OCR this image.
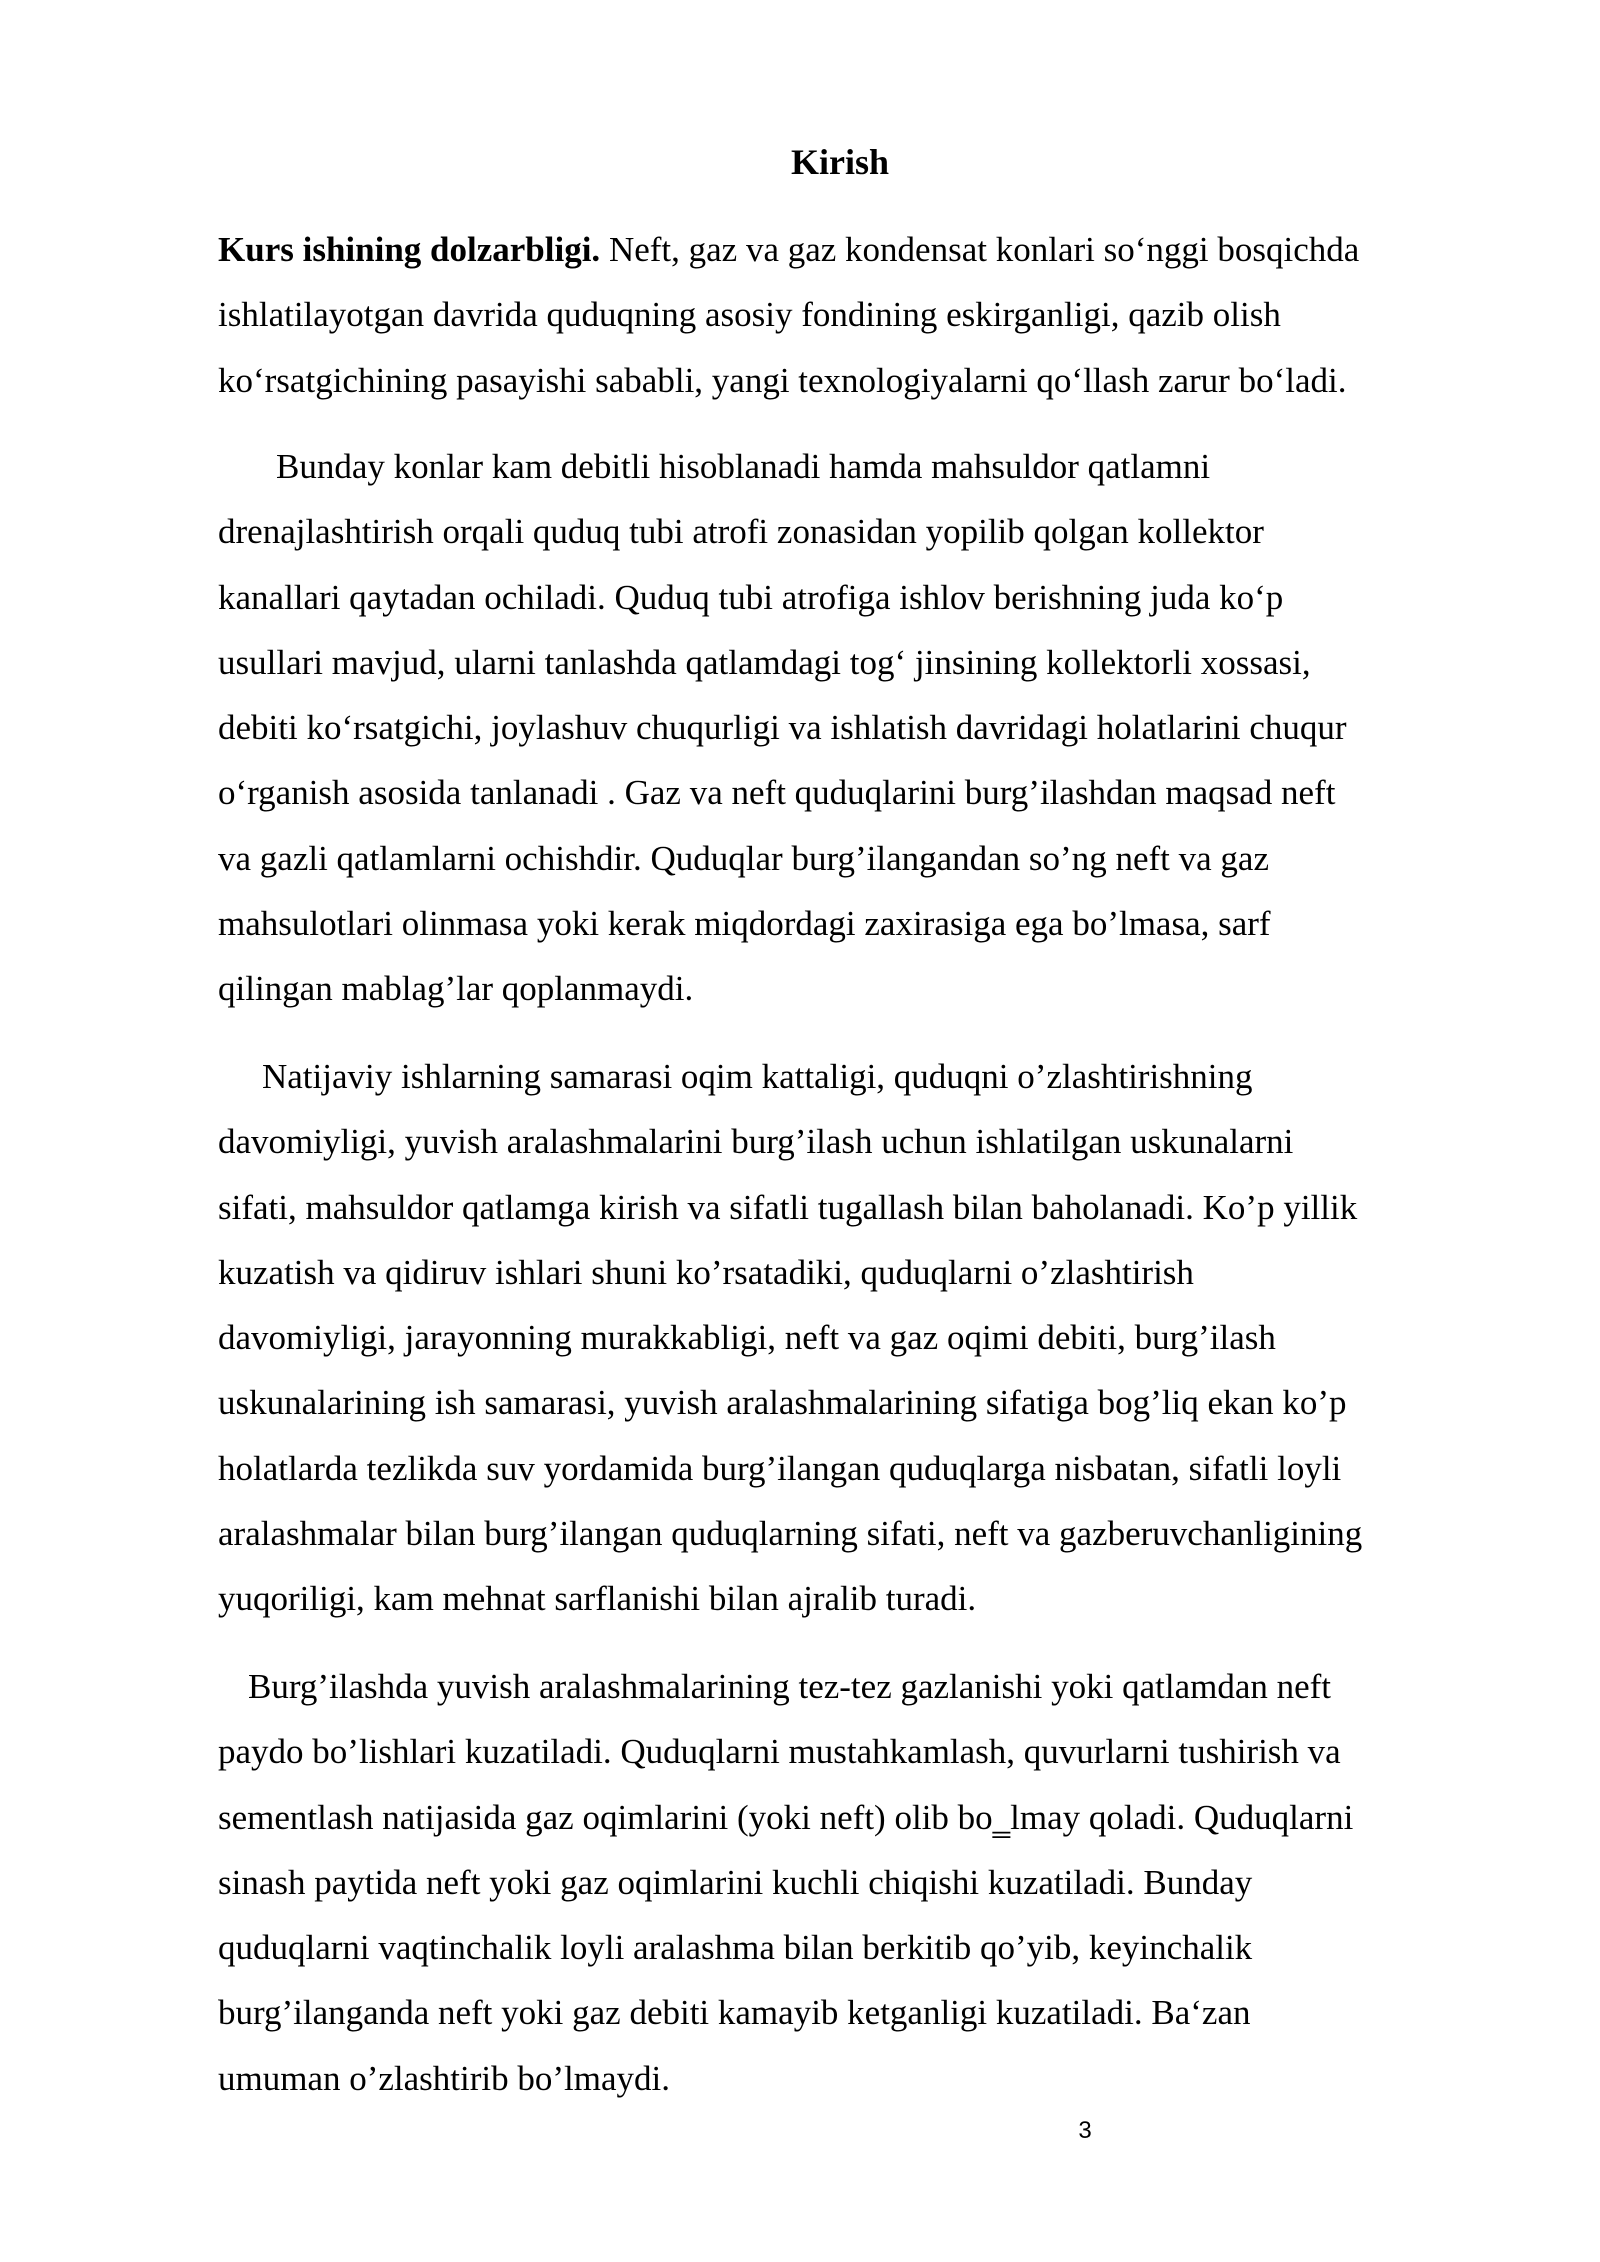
Kirish

Kurs ishining dolzarbligi. Neft, gaz va gaz kondensat konlari so‘nggi bosqichda
ishlatilayotgan davrida quduqning asosiy fondining eskirganligi, qazib olish
ko‘rsatgichining pasayishi sababli, yangi texnologiyalarni qo‘llash zarur bo‘ladi.

Bunday konlar kam debitli hisoblanadi hamda mahsuldor qatlamni
drenajlashtirish orqali quduq tubi atrofi zonasidan yopilib qolgan kollektor
kanallari qaytadan ochiladi. Quduq tubi atrofiga ishlov berishning juda ko‘p
usullari mavjud, ularni tanlashda qatlamdagi tog‘ jinsining kollektorli xossasi,
debiti ko‘rsatgichi, joylashuv chuqurligi va ishlatish davridagi holatlarini chuqur
o‘rganish asosida tanlanadi . Gaz va neft quduqlarini burg’ilashdan maqsad neft
va gazli qatlamlarni ochishdir. Quduqlar burg’ilangandan so’ng neft va gaz
mahsulotlari olinmasa yoki kerak miqdordagi zaxirasiga ega bo’lmasa, sarf
qilingan mablag’lar qoplanmaydi.

Natijaviy ishlarning samarasi oqim kattaligi, quduqni o’zlashtirishning
davomiyligi, yuvish aralashmalarini burg’ilash uchun ishlatilgan uskunalarni
sifati, mahsuldor qatlamga kirish va sifatli tugallash bilan baholanadi. Ko’p yillik
kuzatish va qidiruv ishlari shuni ko’rsatadiki, quduqlarni o’zlashtirish
davomiyligi, jarayonning murakkabligi, neft va gaz oqimi debiti, burg’ilash
uskunalarining ish samarasi, yuvish aralashmalarining sifatiga bog’liq ekan ko’p
holatlarda tezlikda suv yordamida burg’ilangan quduqlarga nisbatan, sifatli loyli
aralashmalar bilan burg’ilangan quduqlarning sifati, neft va gazberuvchanligining
yuqoriligi, kam mehnat sarflanishi bilan ajralib turadi.

Burg’ilashda yuvish aralashmalarining tez-tez gazlanishi yoki qatlamdan neft
paydo bo’lishlari kuzatiladi. Quduqlarni mustahkamlash, quvurlarni tushirish va
sementlash natijasida gaz oqimlarini (yoki neft) olib bo‗lmay qoladi. Quduqlarni
sinash paytida neft yoki gaz oqimlarini kuchli chiqishi kuzatiladi. Bunday
quduqlarni vaqtinchalik loyli aralashma bilan berkitib qo’yib, keyinchalik
burg’ilanganda neft yoki gaz debiti kamayib ketganligi kuzatiladi. Ba‘zan
umuman o’zlashtirib bo’lmaydi.

3
